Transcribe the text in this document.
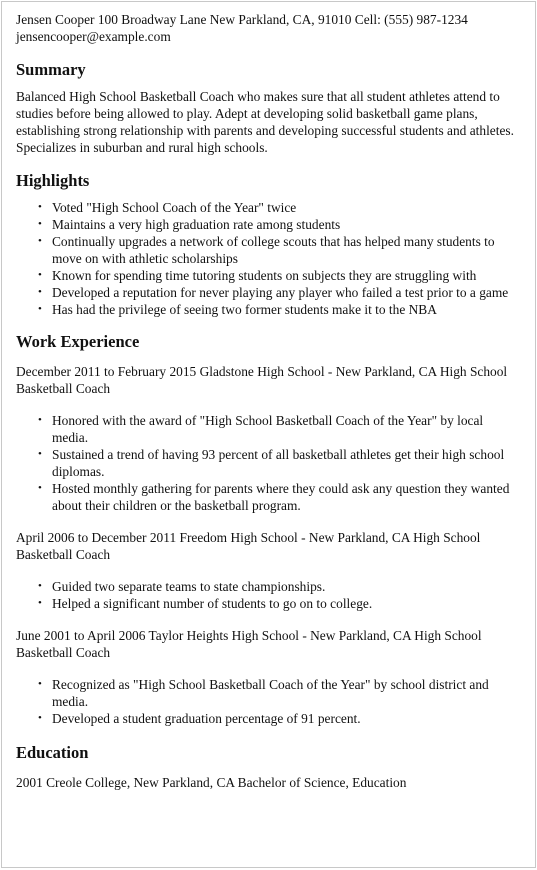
Jensen Cooper 100 Broadway Lane New Parkland, CA, 91010 Cell: (555) 987-1234
jensencooper@example.com
Summary
Balanced High School Basketball Coach who makes sure that all student athletes attend to studies before being allowed to play. Adept at developing solid basketball game plans, establishing strong relationship with parents and developing successful students and athletes. Specializes in suburban and rural high schools.
Highlights
• Voted "High School Coach of the Year" twice
• Maintains a very high graduation rate among students
• Continually upgrades a network of college scouts that has helped many students to move on with athletic scholarships
• Known for spending time tutoring students on subjects they are struggling with
• Developed a reputation for never playing any player who failed a test prior to a game
• Has had the privilege of seeing two former students make it to the NBA
Work Experience
December 2011 to February 2015 Gladstone High School - New Parkland, CA High School Basketball Coach
• Honored with the award of "High School Basketball Coach of the Year" by local media.
• Sustained a trend of having 93 percent of all basketball athletes get their high school diplomas.
• Hosted monthly gathering for parents where they could ask any question they wanted about their children or the basketball program.
April 2006 to December 2011 Freedom High School - New Parkland, CA High School Basketball Coach
• Guided two separate teams to state championships.
• Helped a significant number of students to go on to college.
June 2001 to April 2006 Taylor Heights High School - New Parkland, CA High School Basketball Coach
• Recognized as "High School Basketball Coach of the Year" by school district and media.
• Developed a student graduation percentage of 91 percent.
Education
2001 Creole College, New Parkland, CA Bachelor of Science, Education
